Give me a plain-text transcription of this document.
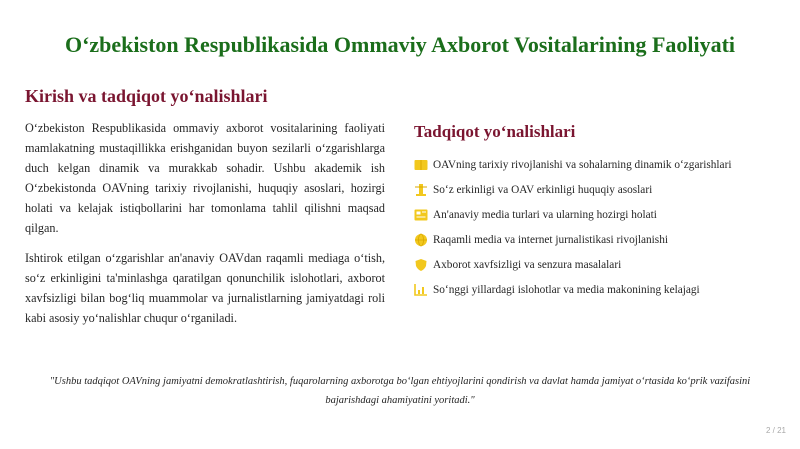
O‘zbekiston Respublikasida Ommaviy Axborot Vositalarining Faoliyati
Kirish va tadqiqot yo‘nalishlari

O‘zbekiston Respublikasida ommaviy axborot vositalarining faoliyati mamlakatning mustaqillikka erishganidan buyon sezilarli o‘zgarishlarga duch kelgan dinamik va murakkab sohadir. Ushbu akademik ish O‘zbekistonda OAVning tarixiy rivojlanishi, huquqiy asoslari, hozirgi holati va kelajak istiqbollarini har tomonlama tahlil qilishni maqsad qilgan.

Ishtirok etilgan o‘zgarishlar an'anaviy OAVdan raqamli mediaga o‘tish, so‘z erkinligini ta'minlashga qaratilgan qonunchilik islohotlari, axborot xavfsizligi bilan bog‘liq muammolar va jurnalistlarning jamiyatdagi roli kabi asosiy yo‘nalishlar chuqur o‘rganiladi.

Tadqiqot yo‘nalishlari
OAVning tarixiy rivojlanishi va sohalarning dinamik o‘zgarishlari
So‘z erkinligi va OAV erkinligi huquqiy asoslari
An'anaviy media turlari va ularning hozirgi holati
Raqamli media va internet jurnalistikasi rivojlanishi
Axborot xavfsizligi va senzura masalalari
So‘nggi yillardagi islohotlar va media makonining kelajagi

"Ushbu tadqiqot OAVning jamiyatni demokratlashtirish, fuqarolarning axborotga bo‘lgan ehtiyojlarini qondirish va davlat hamda jamiyat o‘rtasida ko‘prik vazifasini bajarishdagi ahamiyatini yoritadi."

2 / 21
